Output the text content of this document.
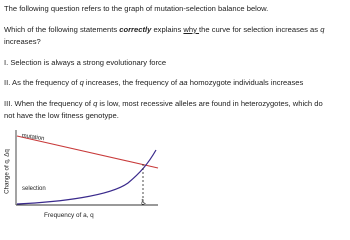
The following question refers to the graph of mutation-selection balance below.
Which of the following statements correctly explains why the curve for selection increases as q
increases?
I. Selection is always a strong evolutionary force
II. As the frequency of q increases, the frequency of aa homozygote individuals increases
III. When the frequency of q is low, most recessive alleles are found in heterozygotes, which do
not have the low fitness genotype.
Change of q, Δq
mutation
selection
Frequency of a, q
q*
